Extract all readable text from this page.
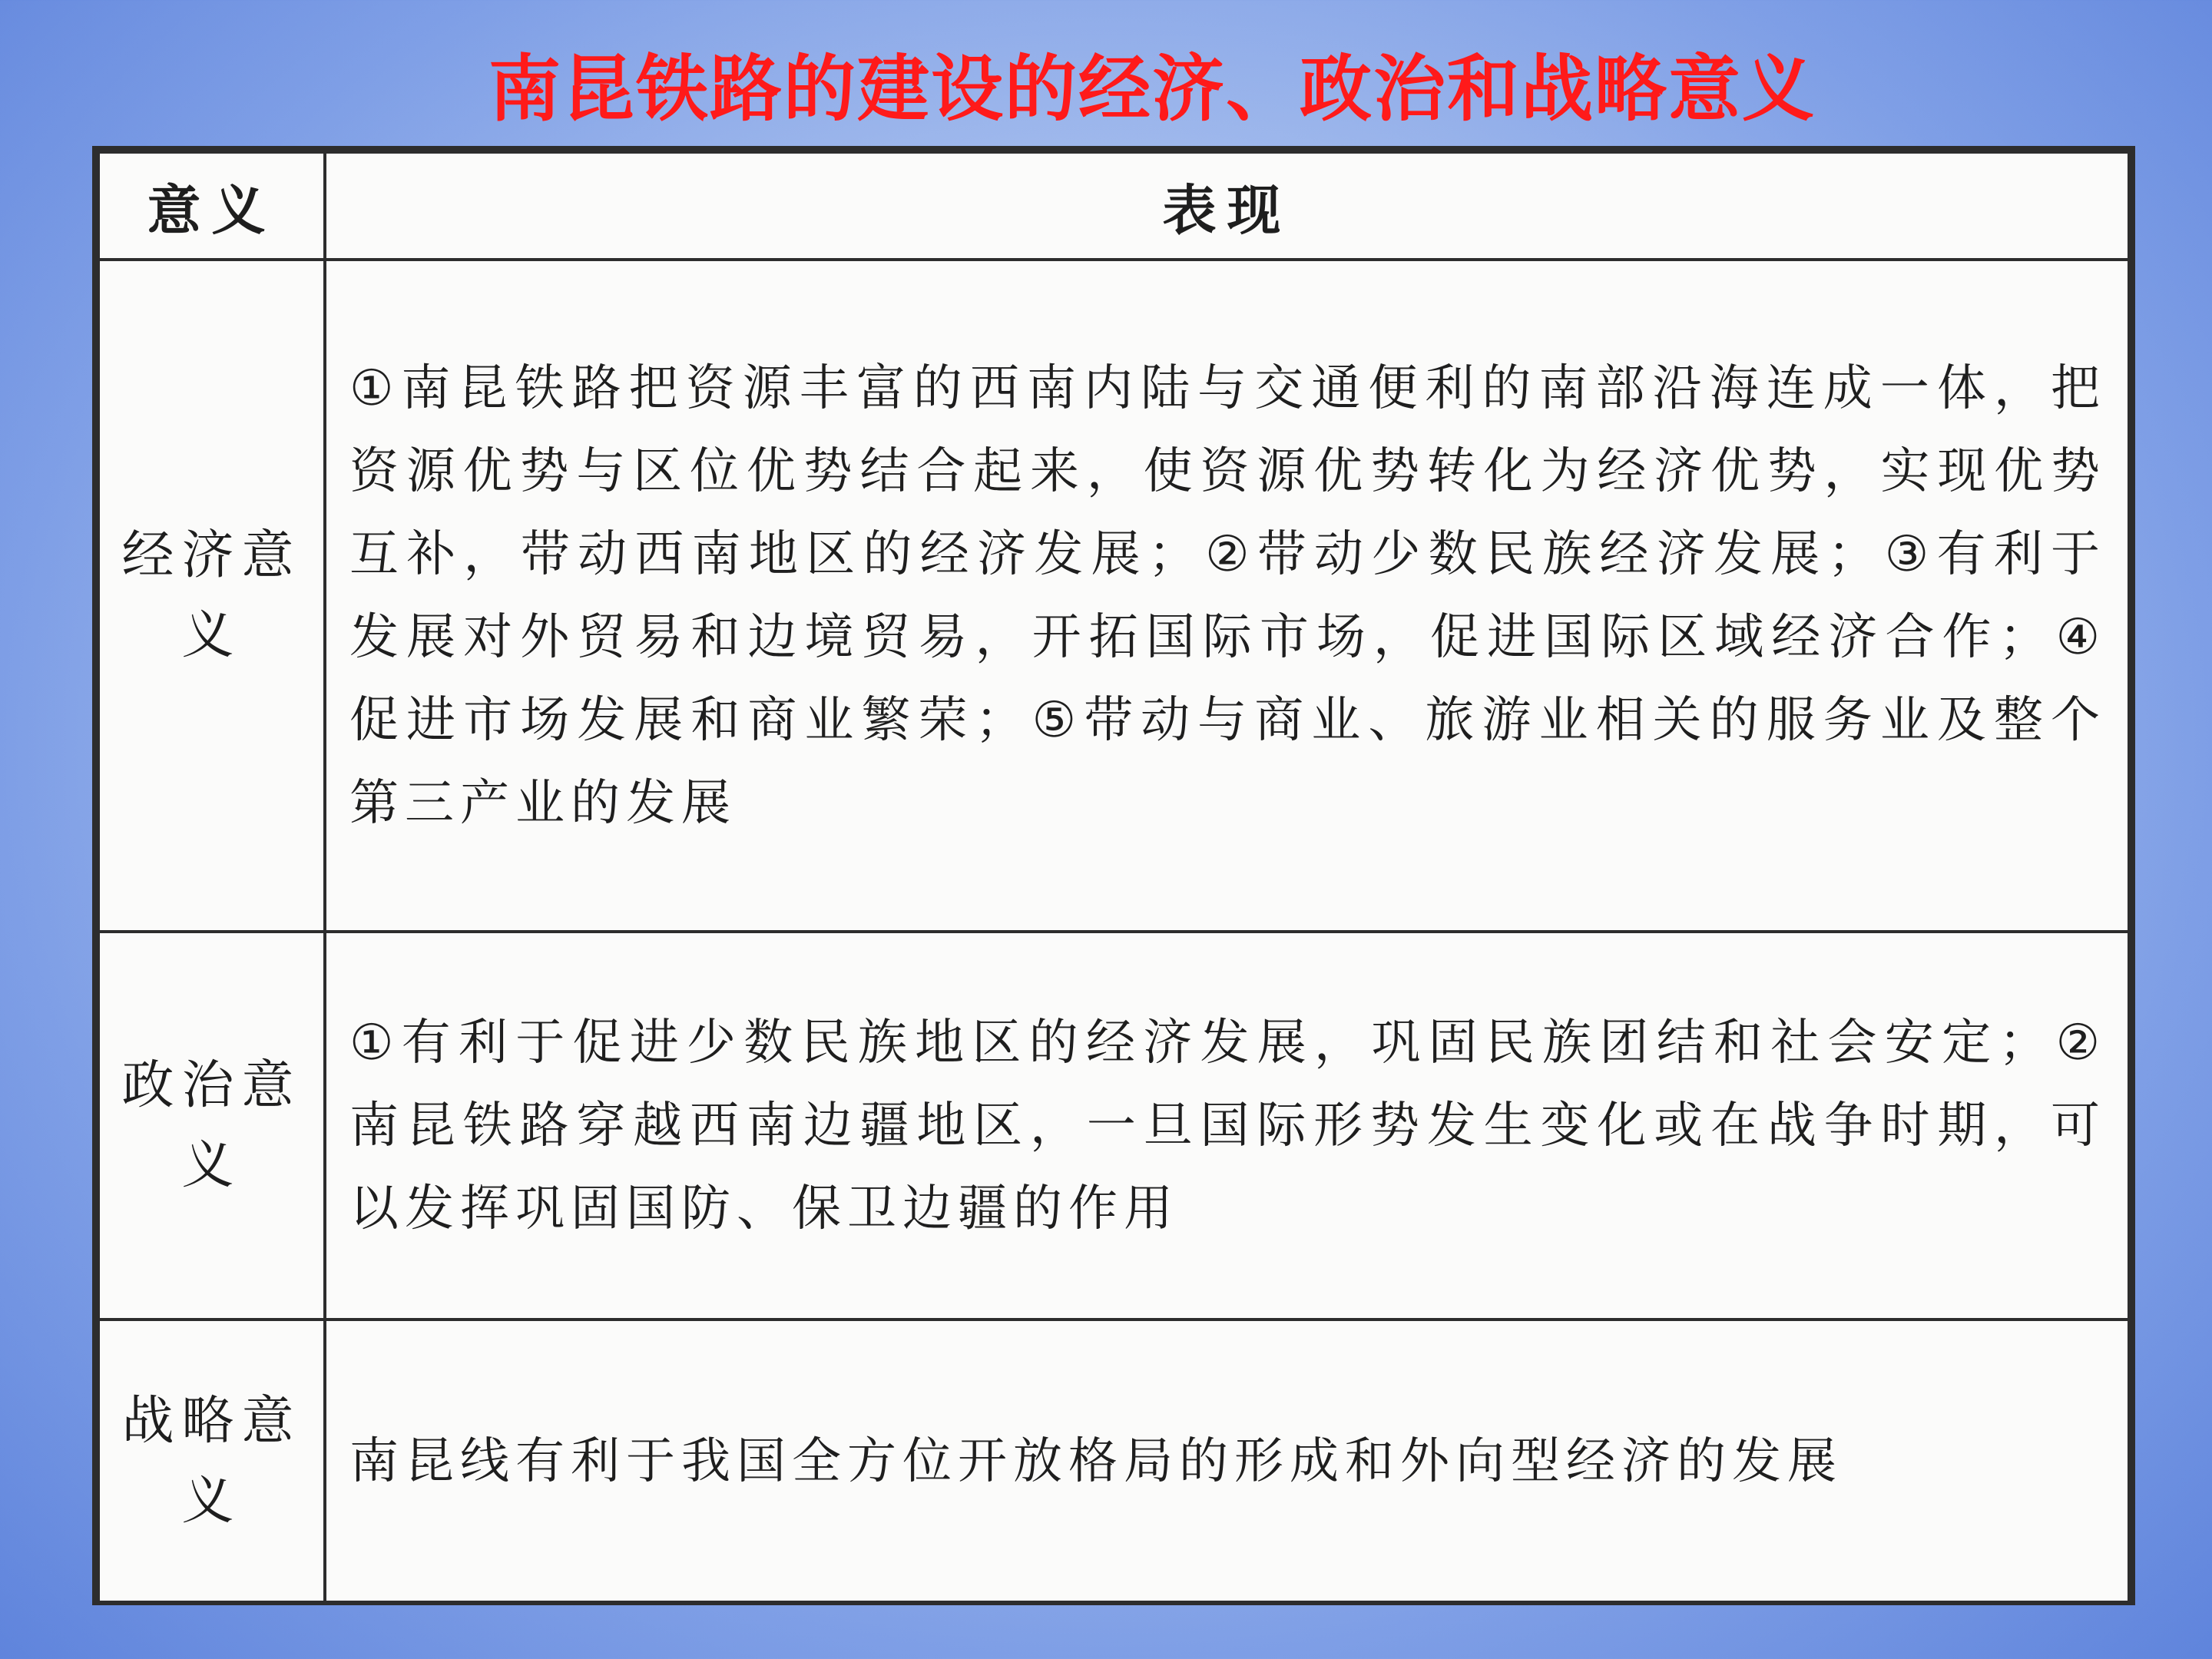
南昆铁路的建设的经济、政治和战略意义
意义	表现
经济意义	①南昆铁路把资源丰富的西南内陆与交通便利的南部沿海连成一体，把资源优势与区位优势结合起来，使资源优势转化为经济优势，实现优势互补，带动西南地区的经济发展；②带动少数民族经济发展；③有利于发展对外贸易和边境贸易，开拓国际市场，促进国际区域经济合作；④促进市场发展和商业繁荣；⑤带动与商业、旅游业相关的服务业及整个第三产业的发展
政治意义	①有利于促进少数民族地区的经济发展，巩固民族团结和社会安定；②南昆铁路穿越西南边疆地区，一旦国际形势发生变化或在战争时期，可以发挥巩固国防、保卫边疆的作用
战略意义	南昆线有利于我国全方位开放格局的形成和外向型经济的发展
